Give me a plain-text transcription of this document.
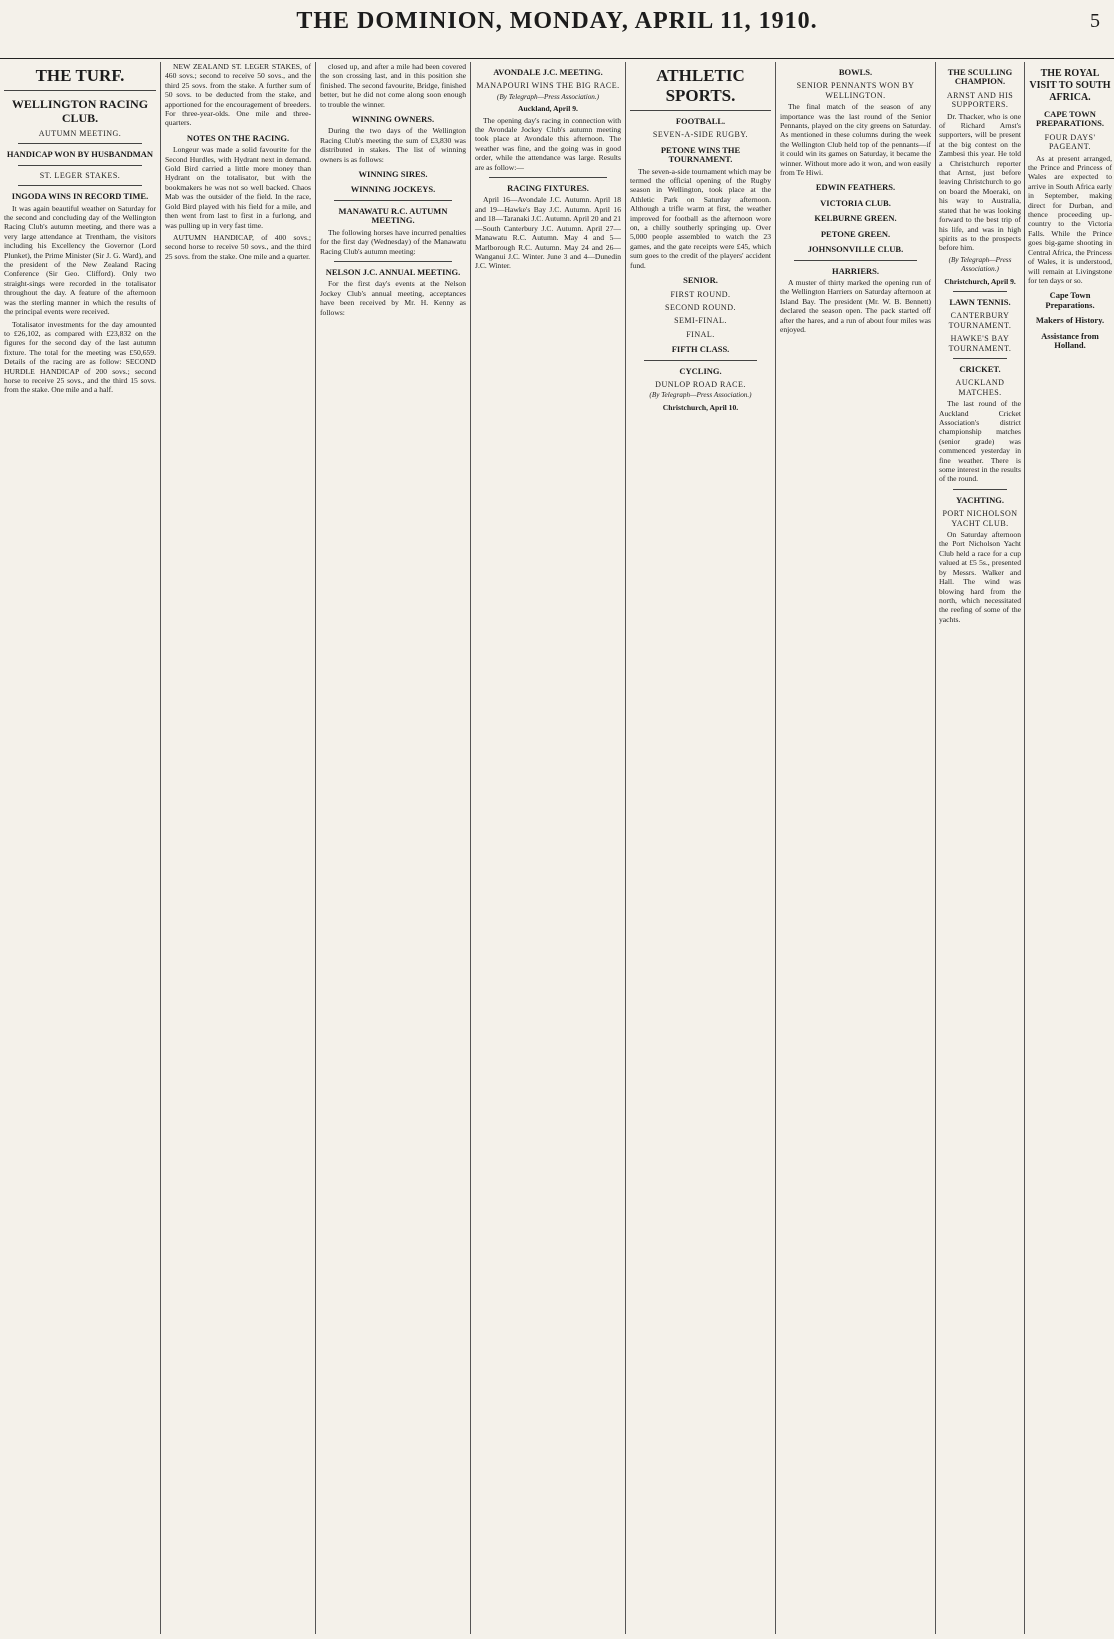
THE DOMINION, MONDAY, APRIL 11, 1910.	5
THE TURF.
WELLINGTON RACING CLUB.
AUTUMN MEETING.
HANDICAP WON BY HUSBANDMAN
ST. LEGER STAKES.
INGODA WINS IN RECORD TIME.

It was again beautiful weather on Saturday for the second and concluding day of the Wellington Racing Club's autumn meeting, and there was a very large attendance at Trentham, the visitors including his Excellency the Governor (Lord Plunket), the Prime Minister (Sir J. G. Ward), and the president of the New Zealand Racing Conference (Sir Geo. Clifford). Only two straight-sings were recorded in the totalisator throughout the day. A feature of the afternoon was the sterling manner in which the results of the principal events were received.

Totalisator investments for the day amounted to £26,102, as compared with £23,832 on the figures for the second day of the last autumn fixture. The total for the meeting was £50,659. Details of the racing are as follow: SECOND HURDLE HANDICAP of 200 sovs.; second horse to receive 25 sovs., and the third 15 sovs. from the stake. One mile and a half.

NEW ZEALAND ST. LEGER STAKES, of 460 sovs.; second to receive 50 sovs., and the third 25 sovs. from the stake. A further sum of 50 sovs. to be deducted from the stake, and apportioned for the encouragement of breeders. For three-year-olds. One mile and three-quarters.

NOTES ON THE RACING.

Longeur was made a solid favourite for the Second Hurdles, with Hydrant next in demand. Gold Bird carried a little more money than Hydrant on the totalisator, but with the bookmakers he was not so well backed. Chaos Mab was the outsider of the field. In the race, Gold Bird played with his field for a mile, and then went from last to first in a furlong, and was pulling up in very fast time.

AUTUMN HANDICAP, of 400 sovs.; second horse to receive 50 sovs., and the third 25 sovs. from the stake. One mile and a quarter.

closed up, and after a mile had been covered the son crossing last, and in this position she finished. The second favourite, Bridge, finished better, but he did not come along soon enough to trouble the winner.

WINNING OWNERS.

During the two days of the Wellington Racing Club's meeting the sum of £3,830 was distributed in stakes. The list of winning owners is as follows:

WINNING SIRES.
WINNING JOCKEYS.
MANAWATU R.C. AUTUMN MEETING.

The following horses have incurred penalties for the first day (Wednesday) of the Manawatu Racing Club's autumn meeting:

NELSON J.C. ANNUAL MEETING.

For the first day's events at the Nelson Jockey Club's annual meeting, acceptances have been received by Mr. H. Kenny as follows:

AVONDALE J.C. MEETING.
MANAPOURI WINS THE BIG RACE.
(By Telegraph—Press Association.)
Auckland, April 9.

The opening day's racing in connection with the Avondale Jockey Club's autumn meeting took place at Avondale this afternoon. The weather was fine, and the going was in good order, while the attendance was large. Results are as follow:—

RACING FIXTURES.

April 16—Avondale J.C. Autumn. April 18 and 19—Hawke's Bay J.C. Autumn. April 16 and 18—Taranaki J.C. Autumn. April 20 and 21—South Canterbury J.C. Autumn. April 27—Manawatu R.C. Autumn. May 4 and 5—Marlborough R.C. Autumn. May 24 and 26—Wanganui J.C. Winter. June 3 and 4—Dunedin J.C. Winter.

ATHLETIC SPORTS.
FOOTBALL.
SEVEN-A-SIDE RUGBY.
PETONE WINS THE TOURNAMENT.

The seven-a-side tournament which may be termed the official opening of the Rugby season in Wellington, took place at the Athletic Park on Saturday afternoon. Although a trifle warm at first, the weather improved for football as the afternoon wore on, a chilly southerly springing up. Over 5,000 people assembled to watch the 23 games, and the gate receipts were £45, which sum goes to the credit of the players' accident fund.

SENIOR.
FIRST ROUND.
SECOND ROUND.
SEMI-FINAL.
FINAL.
FIFTH CLASS.
CYCLING.
DUNLOP ROAD RACE.
(By Telegraph—Press Association.)
Christchurch, April 10.
BOWLS.
SENIOR PENNANTS WON BY WELLINGTON.

The final match of the season of any importance was the last round of the Senior Pennants, played on the city greens on Saturday. As mentioned in these columns during the week the Wellington Club held top of the pennants—if it could win its games on Saturday, it became the winner. Without more ado it won, and won easily from Te Hiwi.

EDWIN FEATHERS.
VICTORIA CLUB.
KELBURNE GREEN.
PETONE GREEN.
JOHNSONVILLE CLUB.
HARRIERS.

A muster of thirty marked the opening run of the Wellington Harriers on Saturday afternoon at Island Bay. The president (Mr. W. B. Bennett) declared the season open. The pack started off after the hares, and a run of about four miles was enjoyed.

THE SCULLING CHAMPION.
ARNST AND HIS SUPPORTERS.

Dr. Thacker, who is one of Richard Arnst's supporters, will be present at the big contest on the Zambesi this year. He told a Christchurch reporter that Arnst, just before leaving Christchurch to go on board the Moeraki, on his way to Australia, stated that he was looking forward to the best trip of his life, and was in high spirits as to the prospects before him.

(By Telegraph—Press Association.)
Christchurch, April 9.
LAWN TENNIS.
CANTERBURY TOURNAMENT.
HAWKE'S BAY TOURNAMENT.
CRICKET.
AUCKLAND MATCHES.

The last round of the Auckland Cricket Association's district championship matches (senior grade) was commenced yesterday in fine weather. There is some interest in the results of the round.

YACHTING.
PORT NICHOLSON YACHT CLUB.

On Saturday afternoon the Port Nicholson Yacht Club held a race for a cup valued at £5 5s., presented by Messrs. Walker and Hall. The wind was blowing hard from the north, which necessitated the reefing of some of the yachts.

THE ROYAL VISIT TO SOUTH AFRICA.
CAPE TOWN PREPARATIONS.
FOUR DAYS' PAGEANT.

As at present arranged, the Prince and Princess of Wales are expected to arrive in South Africa early in September, making direct for Durban, and thence proceeding up-country to the Victoria Falls. While the Prince goes big-game shooting in Central Africa, the Princess of Wales, it is understood, will remain at Livingstone for ten days or so.

Cape Town Preparations.
Makers of History.
Assistance from Holland.
